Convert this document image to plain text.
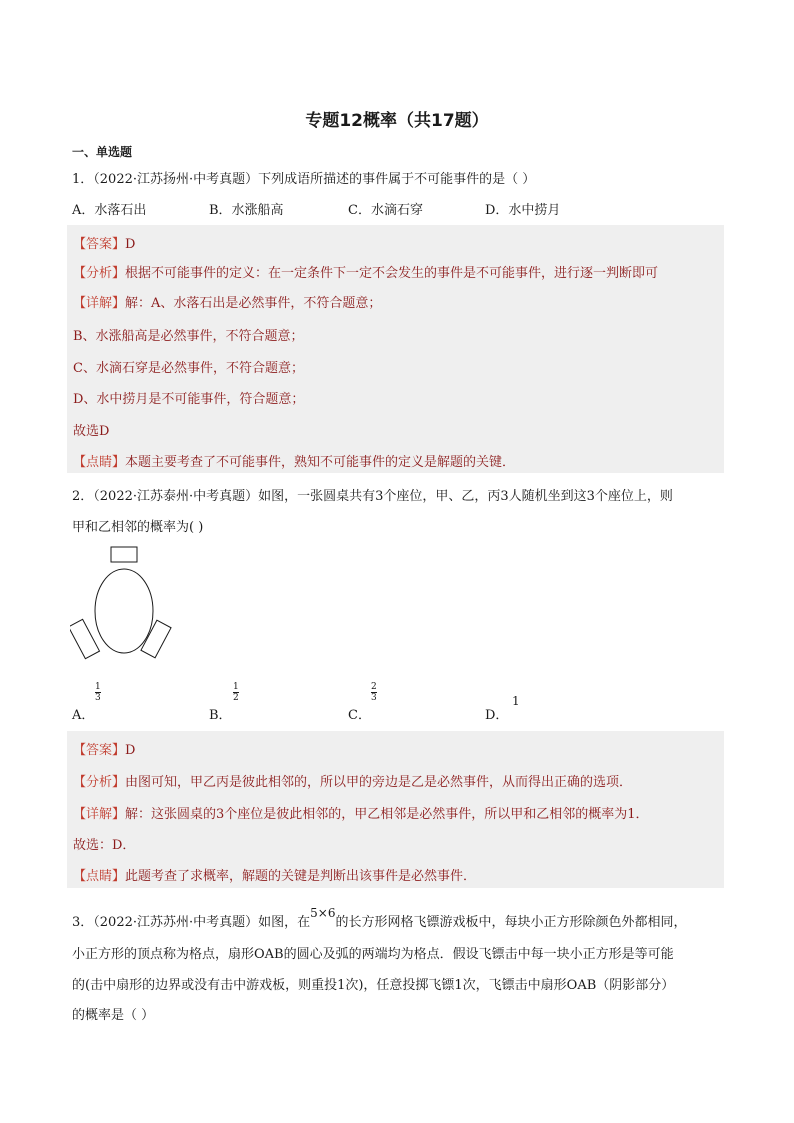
专题12概率（共17题）
一、单选题
1．（2022·江苏扬州·中考真题）下列成语所描述的事件属于不可能事件的是（ ）
A．水落石出	B．水涨船高	C．水滴石穿	D．水中捞月
【答案】D
【分析】根据不可能事件的定义：在一定条件下一定不会发生的事件是不可能事件，进行逐一判断即可
【详解】解：A、水落石出是必然事件，不符合题意；
B、水涨船高是必然事件，不符合题意；
C、水滴石穿是必然事件，不符合题意；
D、水中捞月是不可能事件，符合题意；
故选D
【点睛】本题主要考查了不可能事件，熟知不可能事件的定义是解题的关键．
2．（2022·江苏泰州·中考真题）如图，一张圆桌共有3个座位，甲、乙，丙3人随机坐到这3个座位上，则
甲和乙相邻的概率为( )
A．
$\frac{1}{3}$
B．
$\frac{1}{2}$
C．
$\frac{2}{3}$
D．
1
【答案】D
【分析】由图可知，甲乙丙是彼此相邻的，所以甲的旁边是乙是必然事件，从而得出正确的选项．
【详解】解：这张圆桌的3个座位是彼此相邻的，甲乙相邻是必然事件，所以甲和乙相邻的概率为1．
故选：D．
【点睛】此题考查了求概率，解题的关键是判断出该事件是必然事件．
3．（2022·江苏苏州·中考真题）如图，在5×6的长方形网格飞镖游戏板中，每块小正方形除颜色外都相同，
小正方形的顶点称为格点，扇形OAB的圆心及弧的两端均为格点．假设飞镖击中每一块小正方形是等可能
的(击中扇形的边界或没有击中游戏板，则重投1次)，任意投掷飞镖1次，飞镖击中扇形OAB（阴影部分）
的概率是（ ）
